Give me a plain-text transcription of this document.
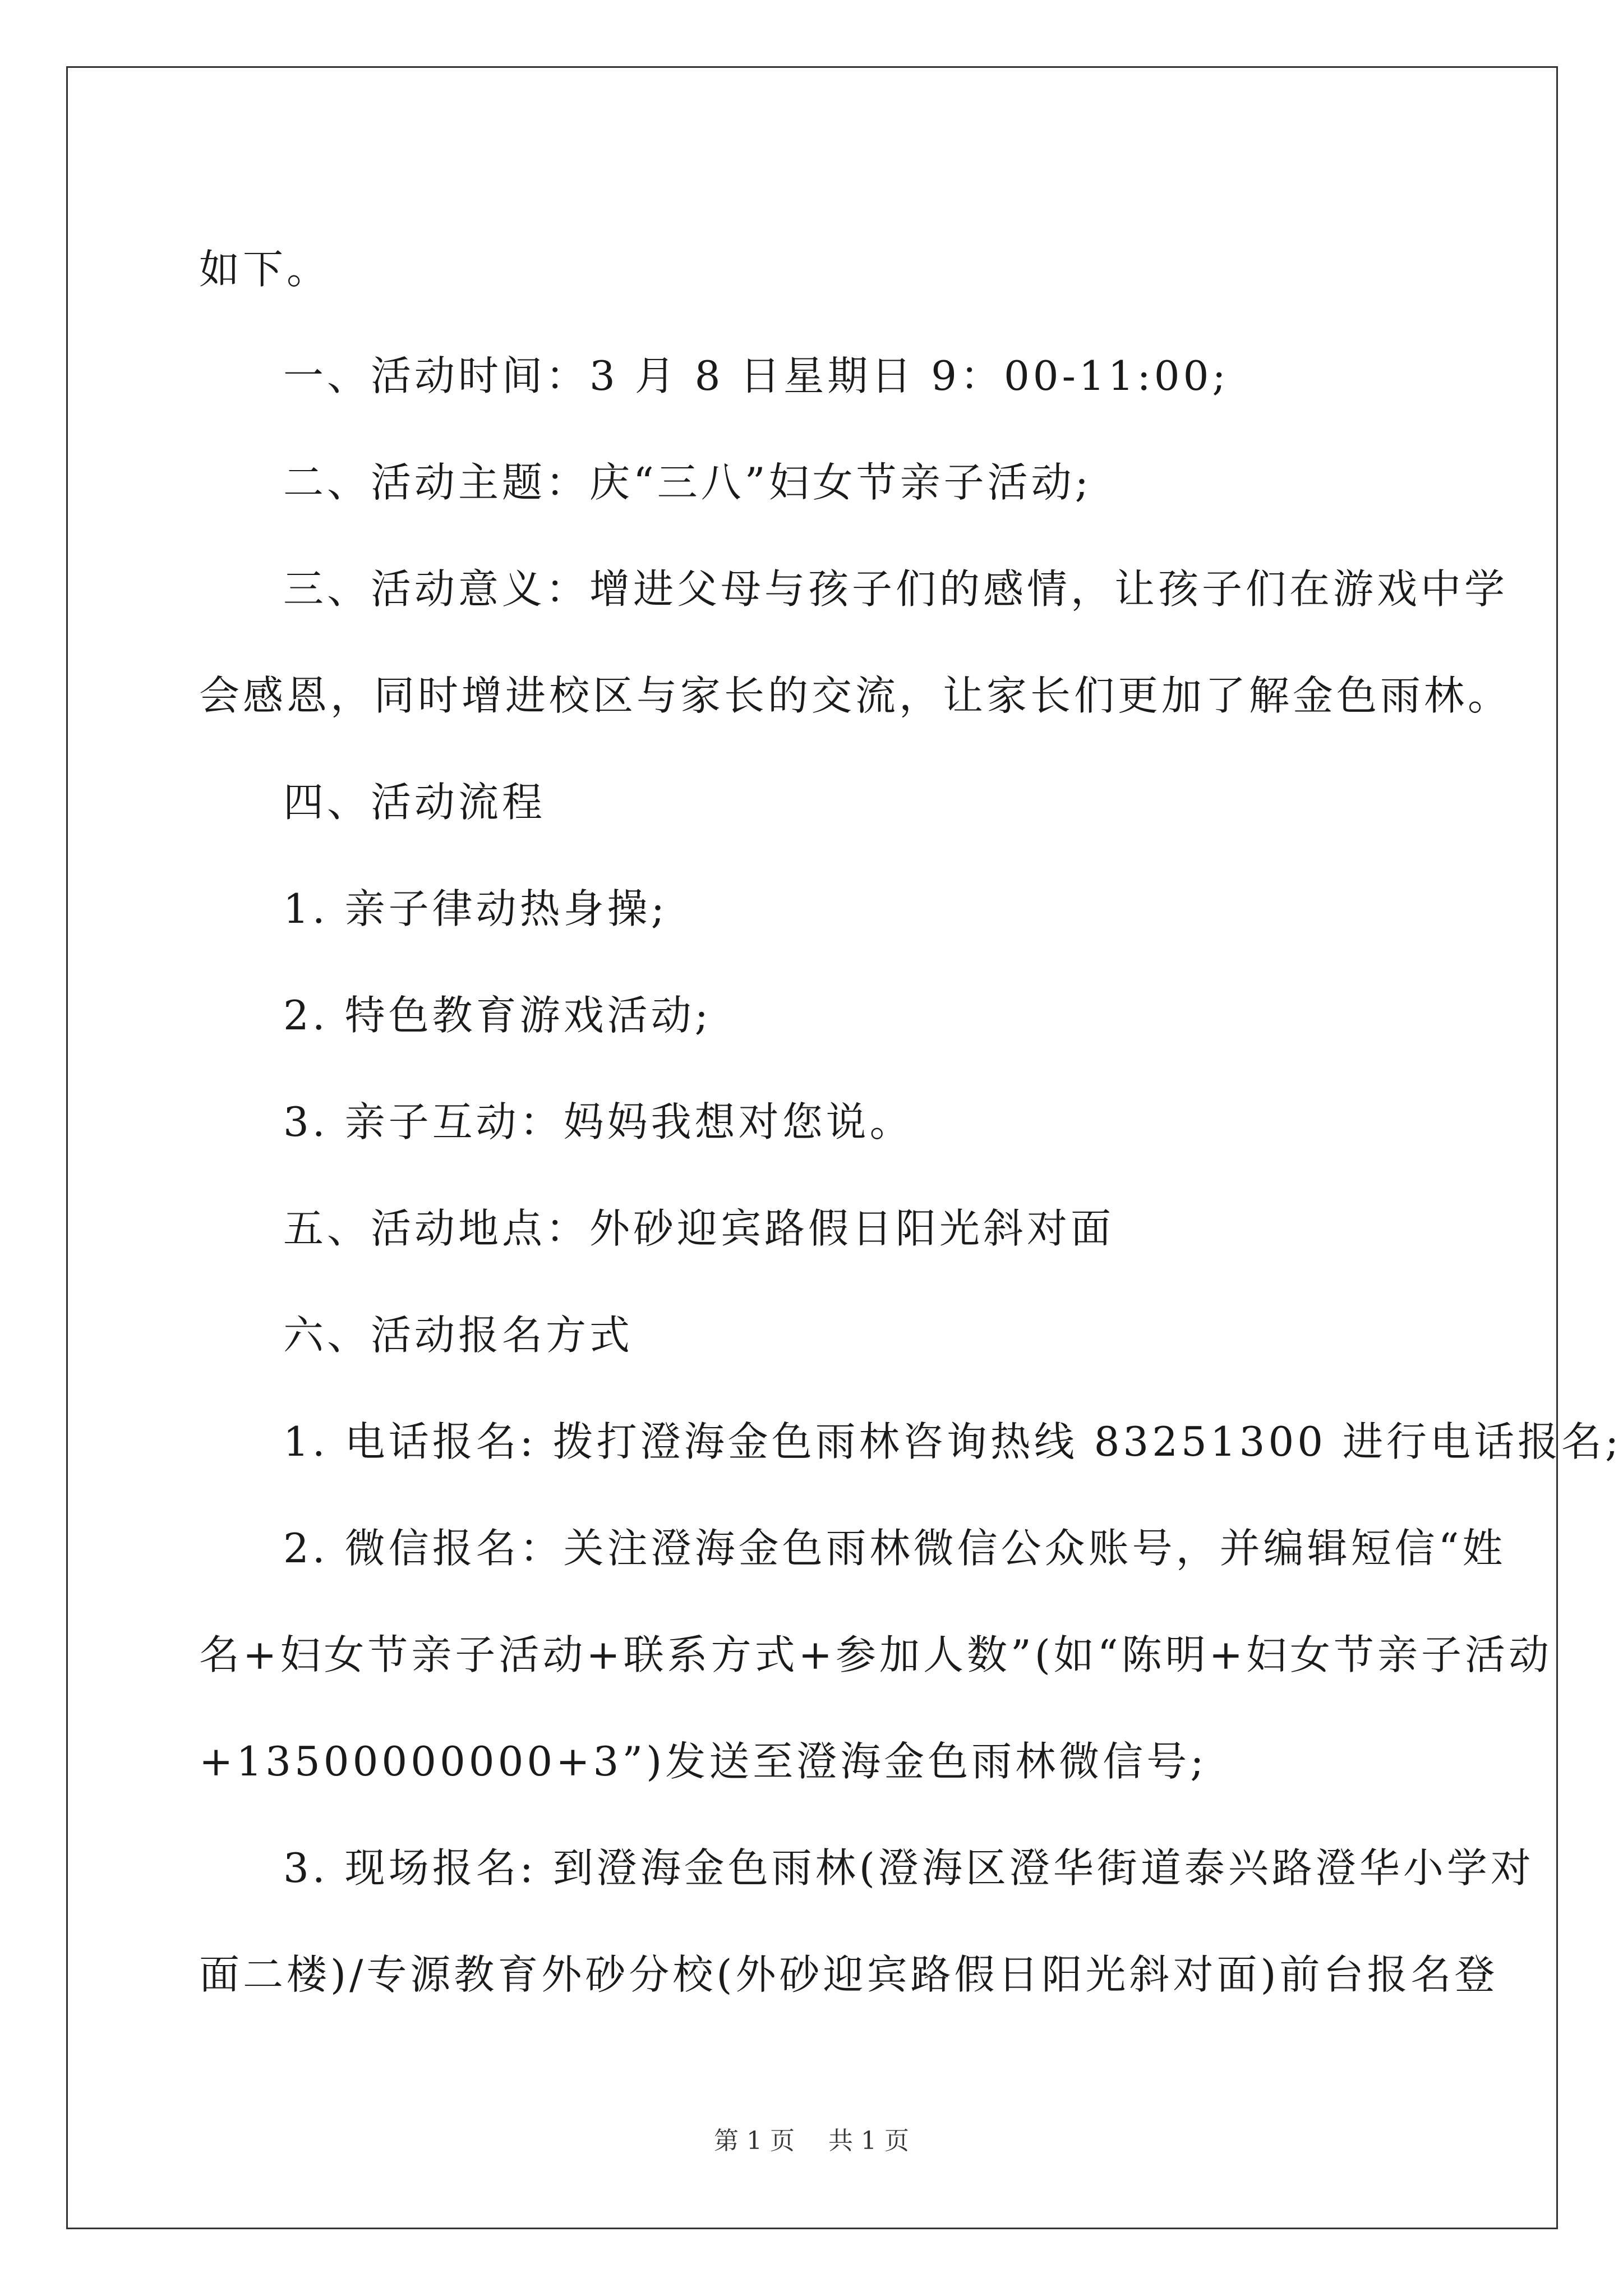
如下。

一、活动时间：3 月 8 日星期日 9：00-11:00;

二、活动主题：庆“三八”妇女节亲子活动;

三、活动意义：增进父母与孩子们的感情，让孩子们在游戏中学

会感恩，同时增进校区与家长的交流，让家长们更加了解金色雨林。

四、活动流程

1. 亲子律动热身操;

2. 特色教育游戏活动;

3. 亲子互动：妈妈我想对您说。

五、活动地点：外砂迎宾路假日阳光斜对面

六、活动报名方式

1. 电话报名: 拨打澄海金色雨林咨询热线 83251300 进行电话报名;

2. 微信报名：关注澄海金色雨林微信公众账号，并编辑短信“姓

名+妇女节亲子活动+联系方式+参加人数”(如“陈明+妇女节亲子活动

+13500000000+3”)发送至澄海金色雨林微信号;

3. 现场报名: 到澄海金色雨林(澄海区澄华街道泰兴路澄华小学对

面二楼)/专源教育外砂分校(外砂迎宾路假日阳光斜对面)前台报名登

第 1 页 共 1 页
